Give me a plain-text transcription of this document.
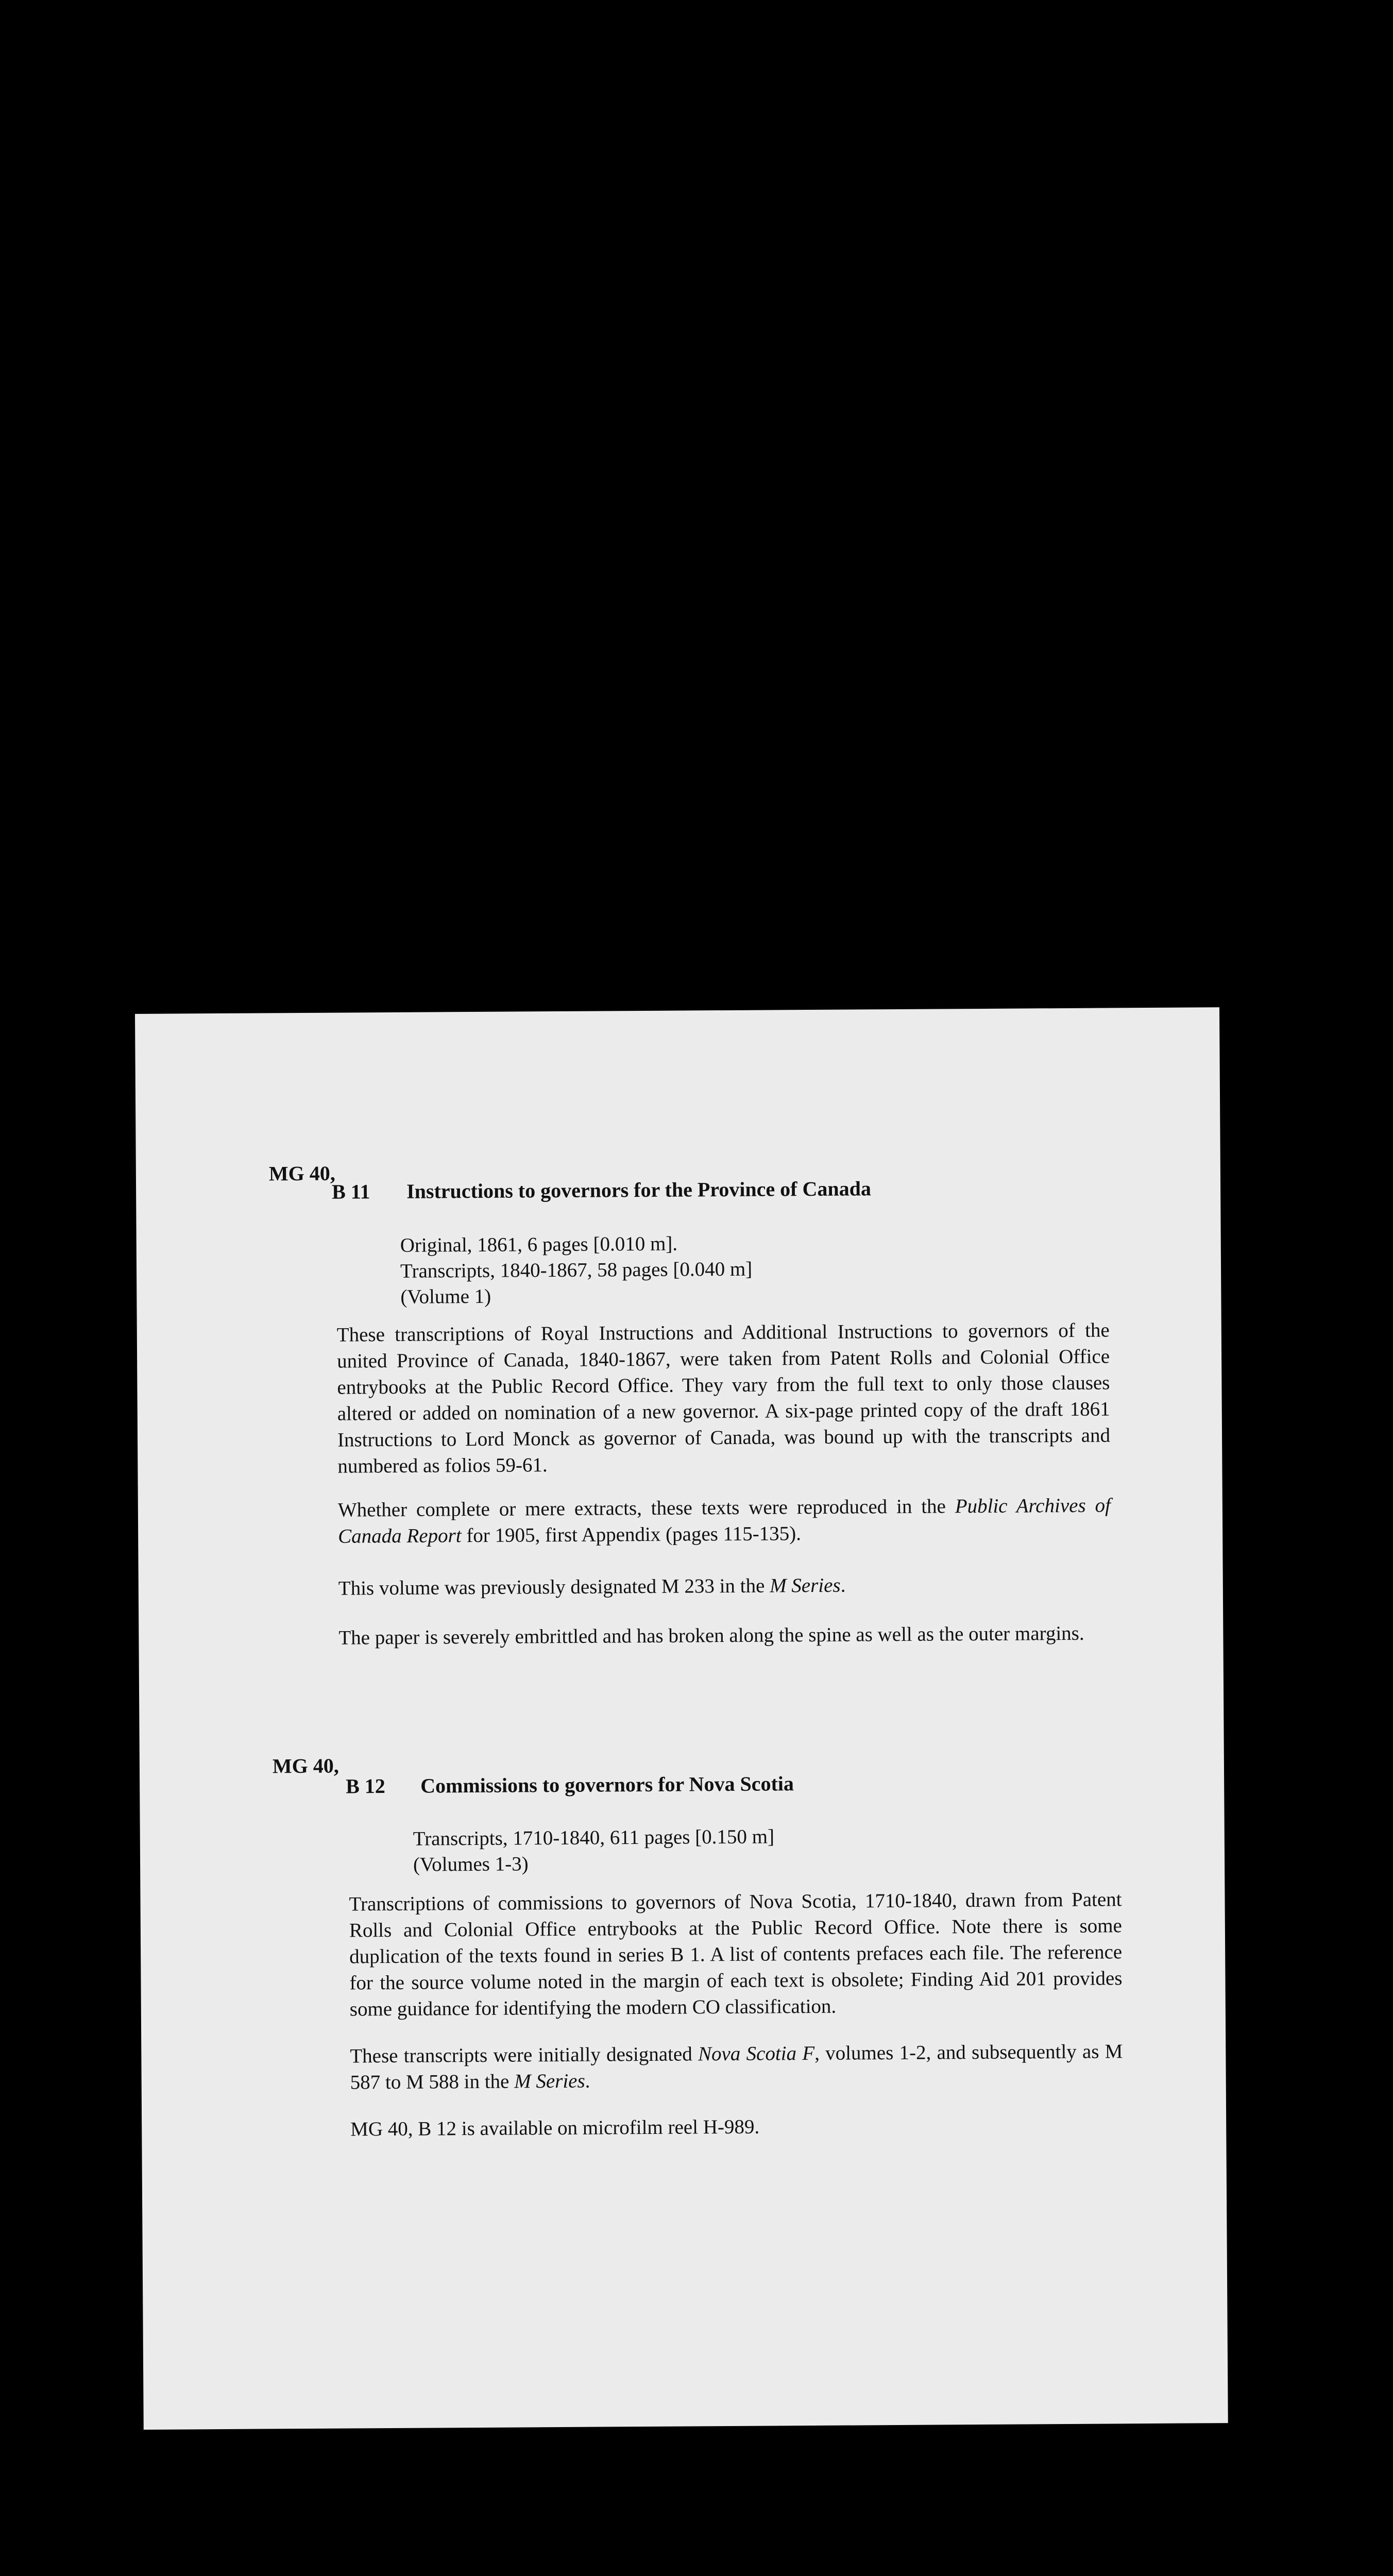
MG 40,
B 11 Instructions to governors for the Province of Canada
Original, 1861, 6 pages [0.010 m].
Transcripts, 1840-1867, 58 pages [0.040 m]
(Volume 1)
These transcriptions of Royal Instructions and Additional Instructions to governors of the united Province of Canada, 1840-1867, were taken from Patent Rolls and Colonial Office entrybooks at the Public Record Office. They vary from the full text to only those clauses altered or added on nomination of a new governor. A six-page printed copy of the draft 1861 Instructions to Lord Monck as governor of Canada, was bound up with the transcripts and numbered as folios 59-61.
Whether complete or mere extracts, these texts were reproduced in the Public Archives of Canada Report for 1905, first Appendix (pages 115-135).
This volume was previously designated M 233 in the M Series.
The paper is severely embrittled and has broken along the spine as well as the outer margins.
MG 40,
B 12 Commissions to governors for Nova Scotia
Transcripts, 1710-1840, 611 pages [0.150 m]
(Volumes 1-3)
Transcriptions of commissions to governors of Nova Scotia, 1710-1840, drawn from Patent Rolls and Colonial Office entrybooks at the Public Record Office. Note there is some duplication of the texts found in series B 1. A list of contents prefaces each file. The reference for the source volume noted in the margin of each text is obsolete; Finding Aid 201 provides some guidance for identifying the modern CO classification.
These transcripts were initially designated Nova Scotia F, volumes 1-2, and subsequently as M 587 to M 588 in the M Series.
MG 40, B 12 is available on microfilm reel H-989.
